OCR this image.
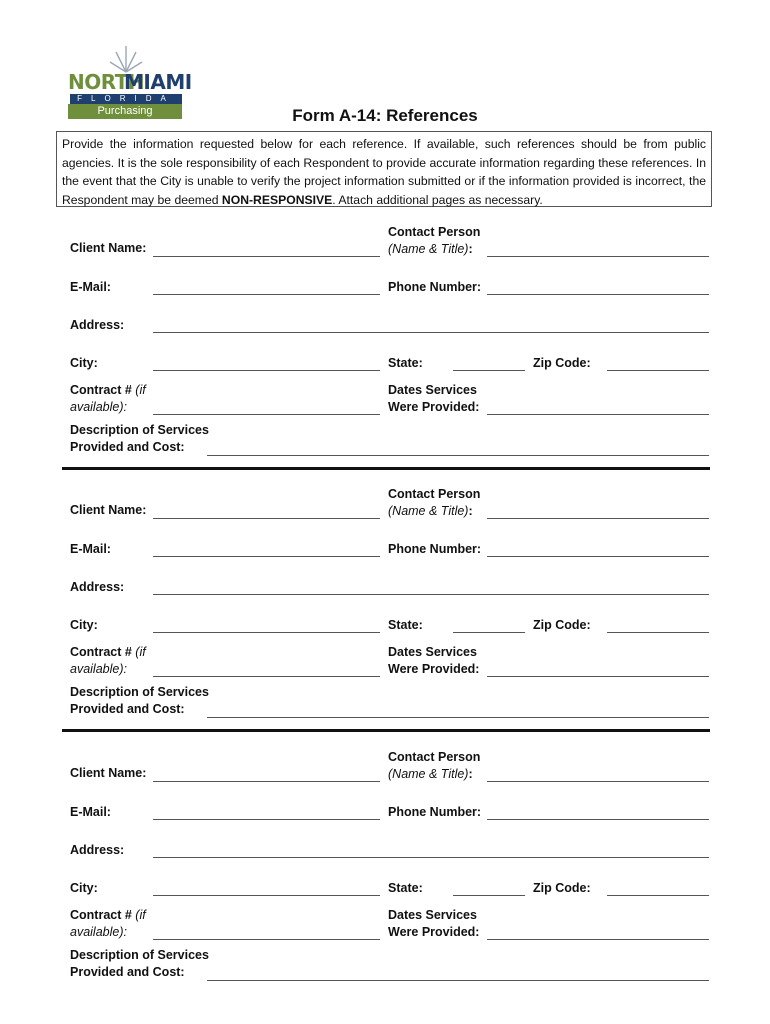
NORTH
MIAMI
FLORIDA
Purchasing Department
Form A-14: References
Provide the information requested below for each reference. If available, such references should be from public agencies. It is the sole responsibility of each Respondent to provide accurate information regarding these references. In the event that the City is unable to verify the project information submitted or if the information provided is incorrect, the Respondent may be deemed NON-RESPONSIVE. Attach additional pages as necessary.
Client Name:
Contact Person
(Name & Title):
E-Mail:	Phone Number:
Address:
City:	State:	Zip Code:
Contract # (if
available):
Dates Services
Were Provided:
Description of Services
Provided and Cost:
Client Name:
Contact Person
(Name & Title):
E-Mail:	Phone Number:
Address:
City:	State:	Zip Code:
Contract # (if
available):
Dates Services
Were Provided:
Description of Services
Provided and Cost:
Client Name:
Contact Person
(Name & Title):
E-Mail:	Phone Number:
Address:
City:	State:	Zip Code:
Contract # (if
available):
Dates Services
Were Provided:
Description of Services
Provided and Cost:
